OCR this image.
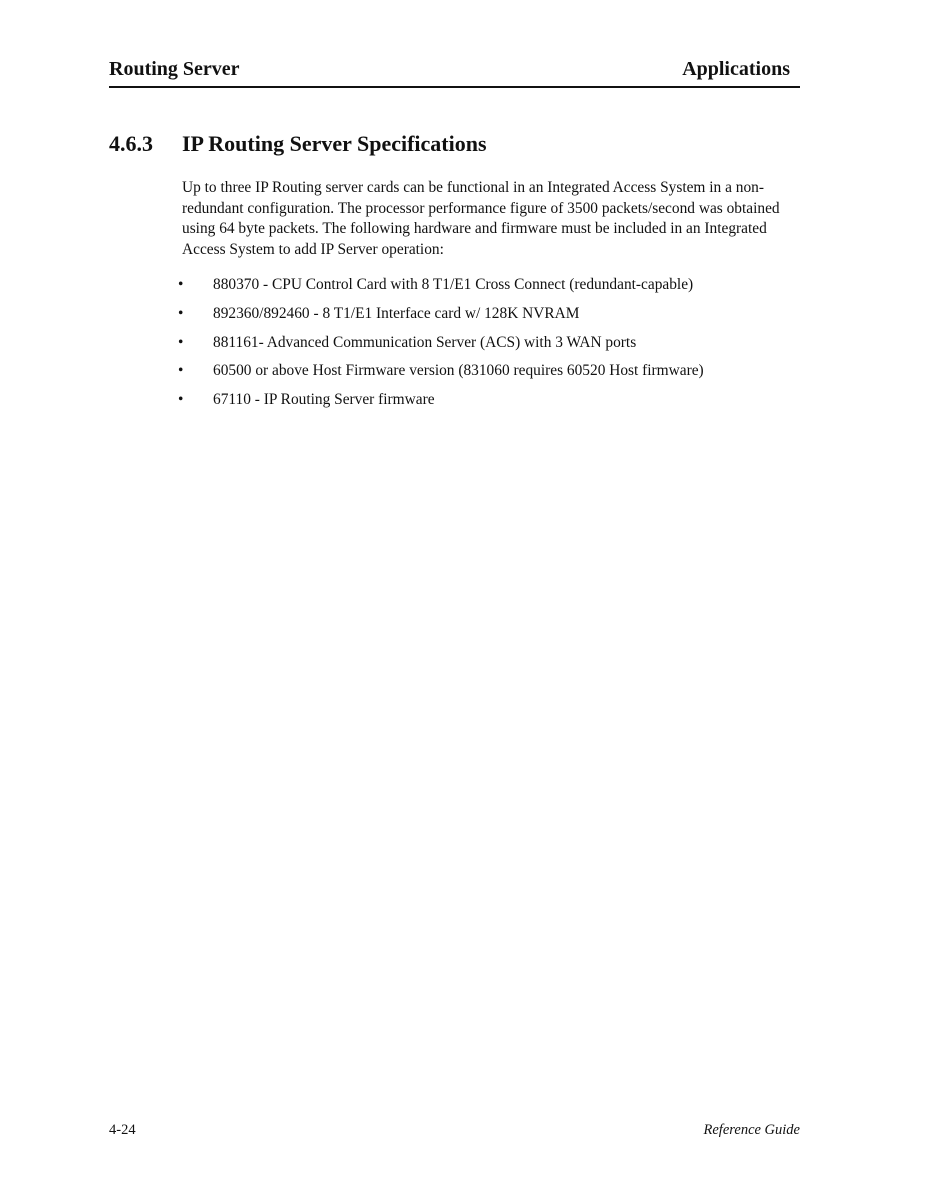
Routing Server	Applications
4.6.3 IP Routing Server Specifications

Up to three IP Routing server cards can be functional in an Integrated Access System in a non-redundant configuration. The processor performance figure of 3500 packets/second was obtained using 64 byte packets. The following hardware and firmware must be included in an Integrated Access System to add IP Server operation:

• 880370 - CPU Control Card with 8 T1/E1 Cross Connect (redundant-capable)
• 892360/892460 - 8 T1/E1 Interface card w/ 128K NVRAM
• 881161- Advanced Communication Server (ACS) with 3 WAN ports
• 60500 or above Host Firmware version (831060 requires 60520 Host firmware)
• 67110 - IP Routing Server firmware
4-24	Reference Guide
